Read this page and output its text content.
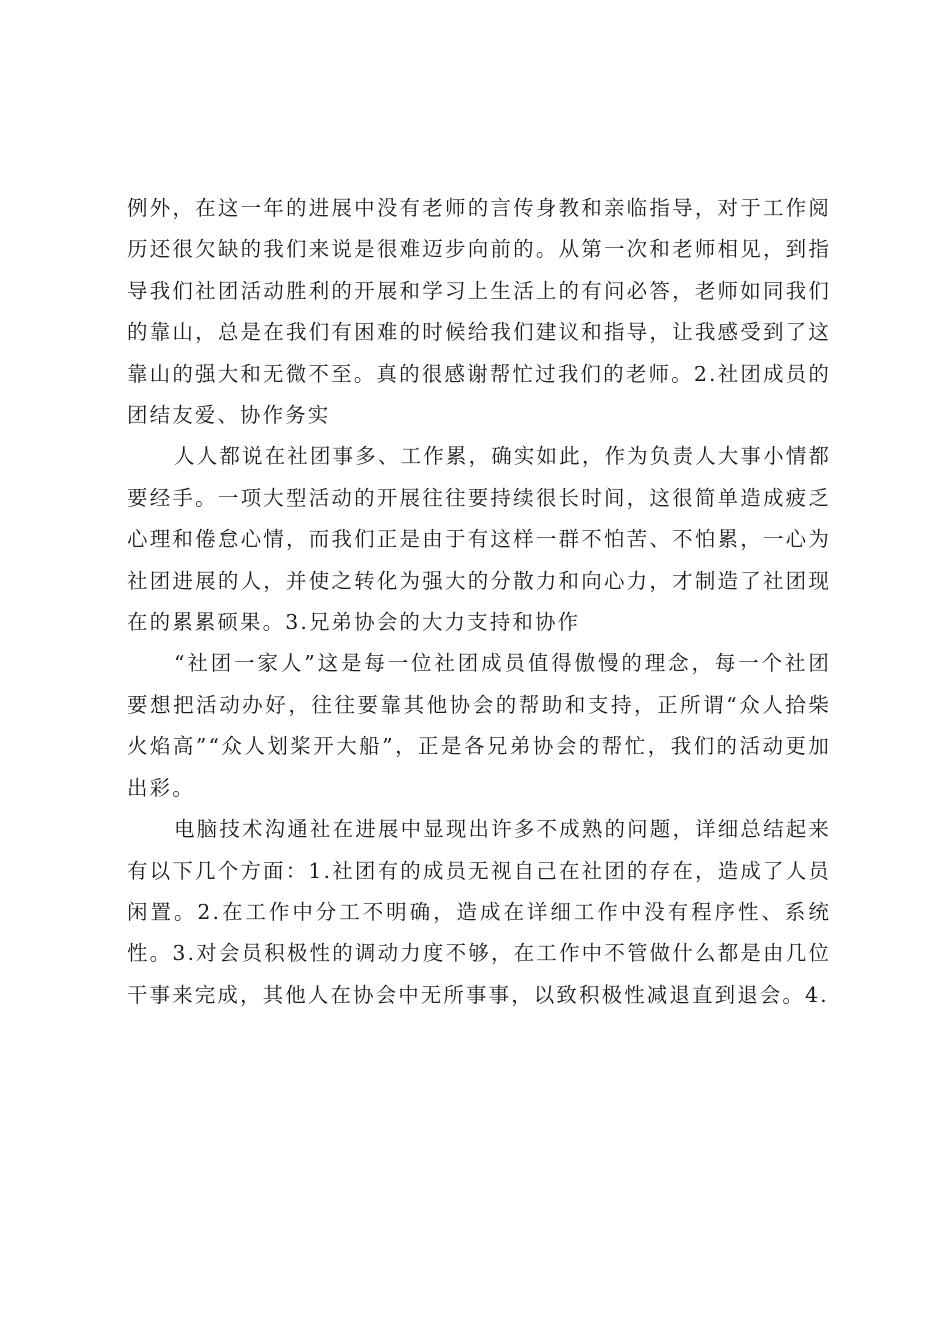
例外，在这一年的进展中没有老师的言传身教和亲临指导，对于工作阅历还很欠缺的我们来说是很难迈步向前的。从第一次和老师相见，到指导我们社团活动胜利的开展和学习上生活上的有问必答，老师如同我们的靠山，总是在我们有困难的时候给我们建议和指导，让我感受到了这靠山的强大和无微不至。真的很感谢帮忙过我们的老师。2.社团成员的团结友爱、协作务实

人人都说在社团事多、工作累，确实如此，作为负责人大事小情都要经手。一项大型活动的开展往往要持续很长时间，这很简单造成疲乏心理和倦怠心情，而我们正是由于有这样一群不怕苦、不怕累，一心为社团进展的人，并使之转化为强大的分散力和向心力，才制造了社团现在的累累硕果。3.兄弟协会的大力支持和协作

“社团一家人”这是每一位社团成员值得傲慢的理念，每一个社团要想把活动办好，往往要靠其他协会的帮助和支持，正所谓“众人拾柴火焰高”“众人划桨开大船”，正是各兄弟协会的帮忙，我们的活动更加出彩。

电脑技术沟通社在进展中显现出许多不成熟的问题，详细总结起来有以下几个方面：1.社团有的成员无视自己在社团的存在，造成了人员闲置。2.在工作中分工不明确，造成在详细工作中没有程序性、系统性。3.对会员积极性的调动力度不够，在工作中不管做什么都是由几位干事来完成，其他人在协会中无所事事，以致积极性减退直到退会。4.
